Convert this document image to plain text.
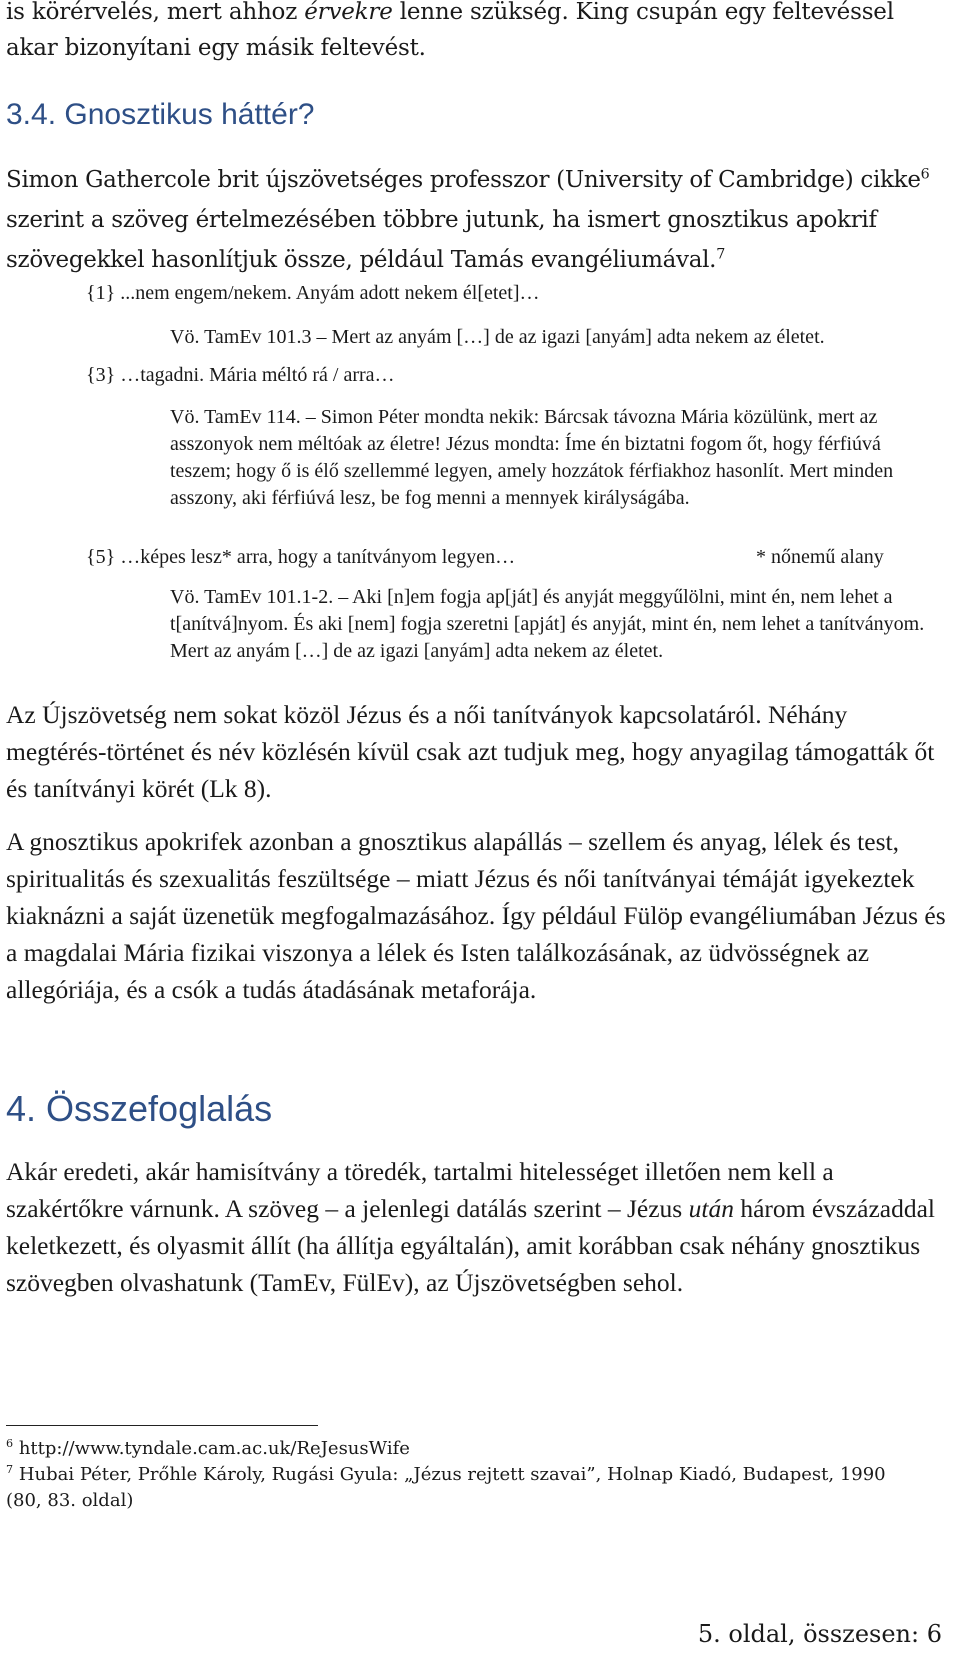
is körérvelés, mert ahhoz érvekre lenne szükség. King csupán egy feltevéssel akar bizonyítani egy másik feltevést.

3.4. Gnosztikus háttér?

Simon Gathercole brit újszövetséges professzor (University of Cambridge) cikke$^6$ szerint a szöveg értelmezésében többre jutunk, ha ismert gnosztikus apokrif szövegekkel hasonlítjuk össze, például Tamás evangéliumával.$^7$

{1} ...nem engem/nekem. Anyám adott nekem él[etet]…
Vö. TamEv 101.3 – Mert az anyám […] de az igazi [anyám] adta nekem az életet.
{3} …tagadni. Mária méltó rá / arra…
Vö. TamEv 114. – Simon Péter mondta nekik: Bárcsak távozna Mária közülünk, mert az asszonyok nem méltóak az életre! Jézus mondta: Íme én biztatni fogom őt, hogy férfiúvá teszem; hogy ő is élő szellemmé legyen, amely hozzátok férfiakhoz hasonlít. Mert minden asszony, aki férfiúvá lesz, be fog menni a mennyek királyságába.
{5} …képes lesz* arra, hogy a tanítványom legyen…	* nőnemű alany
Vö. TamEv 101.1-2. – Aki [n]em fogja ap[ját] és anyját meggyűlölni, mint én, nem lehet a t[anítvá]nyom. És aki [nem] fogja szeretni [apját] és anyját, mint én, nem lehet a tanítványom. Mert az anyám […] de az igazi [anyám] adta nekem az életet.

Az Újszövetség nem sokat közöl Jézus és a női tanítványok kapcsolatáról. Néhány megtérés-történet és név közlésén kívül csak azt tudjuk meg, hogy anyagilag támogatták őt és tanítványi körét (Lk 8).

A gnosztikus apokrifek azonban a gnosztikus alapállás – szellem és anyag, lélek és test, spiritualitás és szexualitás feszültsége – miatt Jézus és női tanítványai témáját igyekeztek kiaknázni a saját üzenetük megfogalmazásához. Így például Fülöp evangéliumában Jézus és a magdalai Mária fizikai viszonya a lélek és Isten találkozásának, az üdvösségnek az allegóriája, és a csók a tudás átadásának metaforája.

4. Összefoglalás

Akár eredeti, akár hamisítvány a töredék, tartalmi hitelességet illetően nem kell a szakértőkre várnunk. A szöveg – a jelenlegi datálás szerint – Jézus után három évszázaddal keletkezett, és olyasmit állít (ha állítja egyáltalán), amit korábban csak néhány gnosztikus szövegben olvashatunk (TamEv, FülEv), az Újszövetségben sehol.

$^6$ http://www.tyndale.cam.ac.uk/ReJesusWife

$^7$ Hubai Péter, Prőhle Károly, Rugási Gyula: „Jézus rejtett szavai”, Holnap Kiadó, Budapest, 1990 (80, 83. oldal)

5. oldal, összesen: 6
